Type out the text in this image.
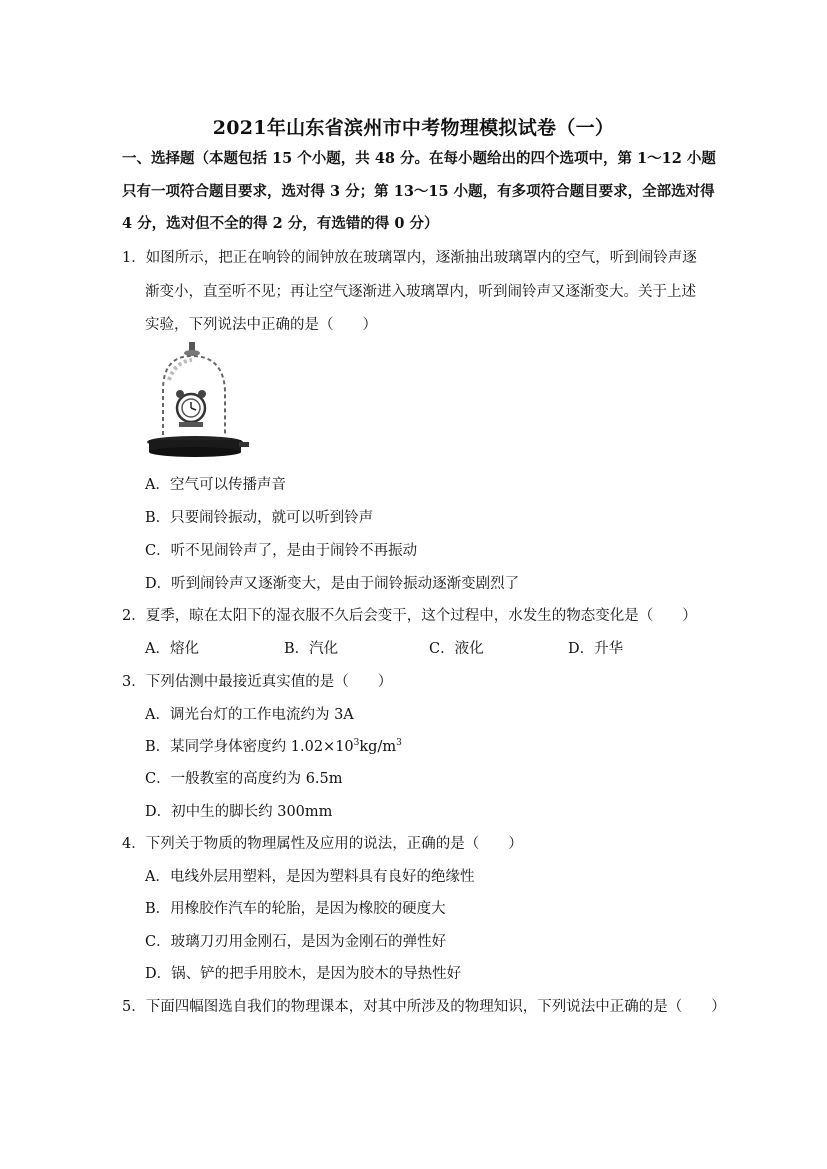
2021年山东省滨州市中考物理模拟试卷（一）
一、选择题（本题包括 15 个小题，共 48 分。在每小题给出的四个选项中，第 1～12 小题
只有一项符合题目要求，选对得 3 分；第 13～15 小题，有多项符合题目要求，全部选对得
4 分，选对但不全的得 2 分，有选错的得 0 分）
1．如图所示，把正在响铃的闹钟放在玻璃罩内，逐渐抽出玻璃罩内的空气，听到闹铃声逐
渐变小，直至听不见；再让空气逐渐进入玻璃罩内，听到闹铃声又逐渐变大。关于上述
实验，下列说法中正确的是（　　）
A．空气可以传播声音
B．只要闹铃振动，就可以听到铃声
C．听不见闹铃声了，是由于闹铃不再振动
D．听到闹铃声又逐渐变大，是由于闹铃振动逐渐变剧烈了
2．夏季，晾在太阳下的湿衣服不久后会变干，这个过程中，水发生的物态变化是（　　）
A．熔化	B．汽化	C．液化	D．升华
3．下列估测中最接近真实值的是（　　）
A．调光台灯的工作电流约为 3A
B．某同学身体密度约 $1.02\times 10^3kg/m^3$
C．一般教室的高度约为 6.5m
D．初中生的脚长约 300mm
4．下列关于物质的物理属性及应用的说法，正确的是（　　）
A．电线外层用塑料，是因为塑料具有良好的绝缘性
B．用橡胶作汽车的轮胎，是因为橡胶的硬度大
C．玻璃刀刃用金刚石，是因为金刚石的弹性好
D．锅、铲的把手用胶木，是因为胶木的导热性好
5．下面四幅图选自我们的物理课本，对其中所涉及的物理知识，下列说法中正确的是（　　）
